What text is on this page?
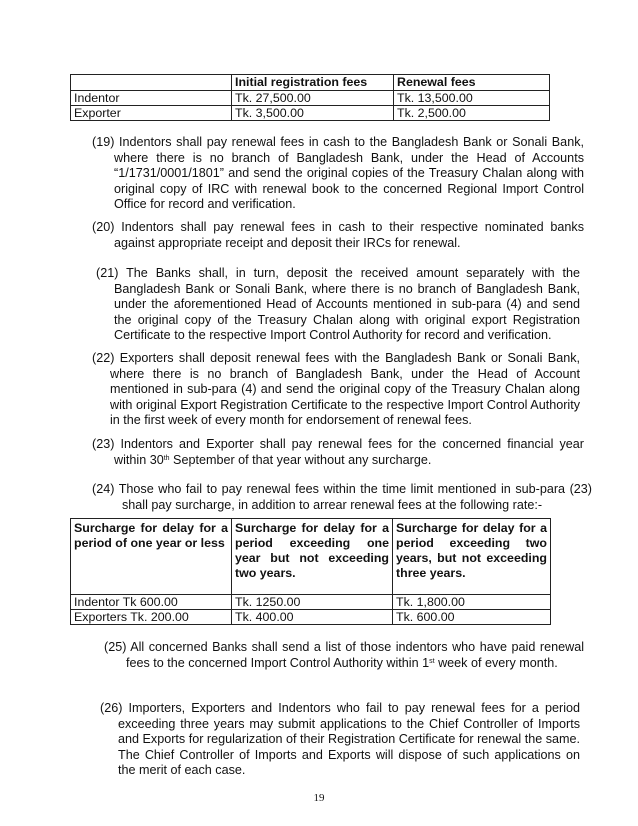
	Initial registration fees	Renewal fees
Indentor	Tk. 27,500.00	Tk. 13,500.00
Exporter	Tk. 3,500.00	Tk. 2,500.00
(19) Indentors shall pay renewal fees in cash to the Bangladesh Bank or Sonali Bank, where there is no branch of Bangladesh Bank, under the Head of Accounts “1/1731/0001/1801” and send the original copies of the Treasury Chalan along with original copy of IRC with renewal book to the concerned Regional Import Control Office for record and verification.
(20) Indentors shall pay renewal fees in cash to their respective nominated banks against appropriate receipt and deposit their IRCs for renewal.
(21) The Banks shall, in turn, deposit the received amount separately with the Bangladesh Bank or Sonali Bank, where there is no branch of Bangladesh Bank, under the aforementioned Head of Accounts mentioned in sub-para (4) and send the original copy of the Treasury Chalan along with original export Registration Certificate to the respective Import Control Authority for record and verification.
(22) Exporters shall deposit renewal fees with the Bangladesh Bank or Sonali Bank, where there is no branch of Bangladesh Bank, under the Head of Account mentioned in sub-para (4) and send the original copy of the Treasury Chalan along with original Export Registration Certificate to the respective Import Control Authority in the first week of every month for endorsement of renewal fees.
(23) Indentors and Exporter shall pay renewal fees for the concerned financial year within 30th September of that year without any surcharge.
(24) Those who fail to pay renewal fees within the time limit mentioned in sub-para (23) shall pay surcharge, in addition to arrear renewal fees at the following rate:-
Surcharge for delay for a period of one year or less	Surcharge for delay for a period exceeding one year but not exceeding two years.	Surcharge for delay for a period exceeding two years, but not exceeding three years.
Indentor Tk 600.00	Tk. 1250.00	Tk. 1,800.00
Exporters Tk. 200.00	Tk. 400.00	Tk. 600.00
(25) All concerned Banks shall send a list of those indentors who have paid renewal fees to the concerned Import Control Authority within 1st week of every month.
(26) Importers, Exporters and Indentors who fail to pay renewal fees for a period exceeding three years may submit applications to the Chief Controller of Imports and Exports for regularization of their Registration Certificate for renewal the same. The Chief Controller of Imports and Exports will dispose of such applications on the merit of each case.
19
